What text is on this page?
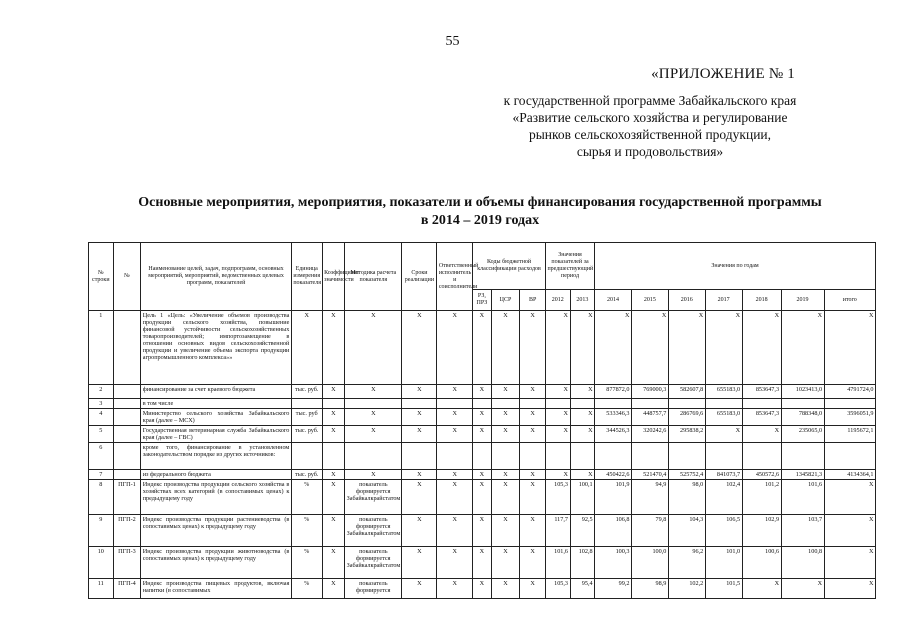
55
«ПРИЛОЖЕНИЕ № 1
к государственной программе Забайкальского края
«Развитие сельского хозяйства и регулирование
рынков сельскохозяйственной продукции,
сырья и продовольствия»
Основные мероприятия, мероприятия, показатели и объемы финансирования государственной программы
в 2014 – 2019 годах
№ строки	№	Наименование целей, задач, подпрограмм, основных мероприятий, мероприятий, ведомственных целевых программ, показателей	Единица измерения показателя	Коэффициент значимости	Методика расчета показателя	Сроки реализации	Ответственный исполнитель и соисполнители	Коды бюджетной классификации расходов			Значения показателей за предшествующий период		Значения по годам						
								РЗ, ПРЗ	ЦСР	ВР	2012	2013	2014	2015	2016	2017	2018	2019	итого
1		Цель 1 «Цель: «Увеличение объемов производства продукции сельского хозяйства, повышение финансовой устойчивости сельскохозяйственных товаропроизводителей; импортозамещение в отношении основных видов сельскохозяйственной продукции и увеличение объема экспорта продукции агропромышленного комплекса»»	Х	Х	Х	Х	Х	Х	Х	Х	Х	Х	Х	Х	Х	Х	Х	Х	Х
2		финансирование за счет краевого бюджета	тыс. руб.	Х	Х	Х	Х	Х	Х	Х	Х	Х	877872,0	769000,3	582607,8	655183,0	853647,3	1023413,0	4791724,0
3		в том числе																	
4		Министерство сельского хозяйства Забайкальского края (далее – МСХ)	тыс. руб	Х	Х	Х	Х	Х	Х	Х	Х	Х	533346,3	448757,7	286769,6	655183,0	853647,3	788348,0	3596051,9
5		Государственная ветеринарная служба Забайкальского края (далее – ГВС)	тыс. руб.	Х	Х	Х	Х	Х	Х	Х	Х	Х	344526,3	320242,6	295838,2	Х	Х	235065,0	1195672,1
6		кроме того, финансирование в установленном законодательством порядке из других источников:																	
7		из федерального бюджета	тыс. руб.	Х	Х	Х	Х	Х	Х	Х	Х	Х	450422,6	521470,4	525752,4	841073,7	450572,6	1345821,3	4134364,1
8	ПГП-1	Индекс производства продукции сельского хозяйства в хозяйствах всех категорий (в сопоставимых ценах) к предыдущему году	%	Х	показатель формируется Забайкалкрайстатом	Х	Х	Х	Х	Х	105,3	100,1	101,9	94,9	98,0	102,4	101,2	101,6	Х
9	ПГП-2	Индекс производства продукции растениеводства (в сопоставимых ценах) к предыдущему году	%	Х	показатель формируется Забайкалкрайстатом	Х	Х	Х	Х	Х	117,7	92,5	106,8	79,8	104,3	106,5	102,9	103,7	Х
10	ПГП-3	Индекс производства продукции животноводства (в сопоставимых ценах) к предыдущему году	%	Х	показатель формируется Забайкалкрайстатом	Х	Х	Х	Х	Х	101,6	102,8	100,3	100,0	96,2	101,0	100,6	100,8	Х
11	ПГП-4	Индекс производства пищевых продуктов, включая напитки (в сопоставимых	%	Х	показатель формируется	Х	Х	Х	Х	Х	105,3	95,4	99,2	98,9	102,2	101,5	Х	Х	Х
